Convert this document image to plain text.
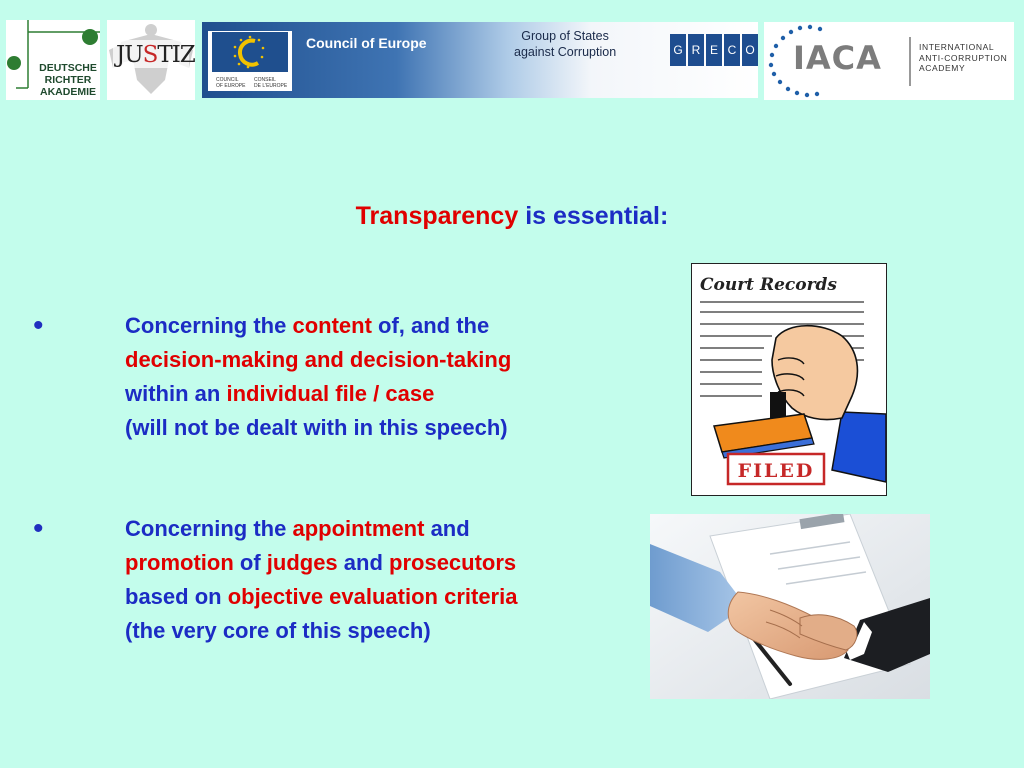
DEUTSCHE
RICHTER
AKADEMIE
JUSTIZ
COUNCIL
OF EUROPE
CONSEIL
DE L'EUROPE
Council of Europe	Group of States
against Corruption	G R E C O IACA	INTERNATIONAL
ANTI-CORRUPTION
ACADEMY
Transparency is essential:
•	Concerning the content of, and the
decision-making and decision-taking
within an individual file / case
(will not be dealt with in this speech)
•	Concerning the appointment and
promotion of judges and prosecutors
based on objective evaluation criteria
(the very core of this speech)
Court Records
FILED
